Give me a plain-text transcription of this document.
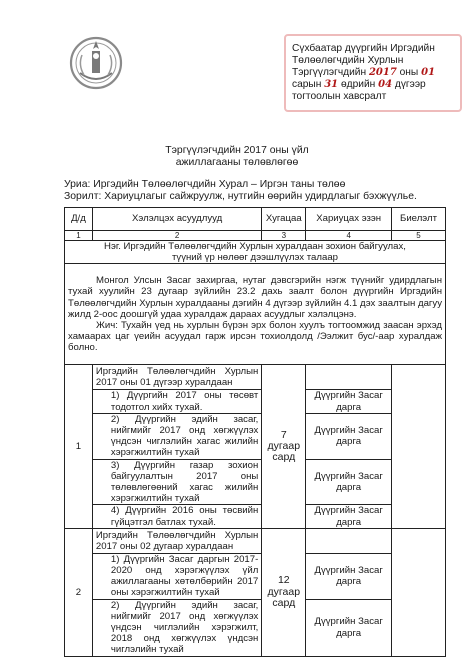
Сүхбаатар дүүргийн Иргэдийн
Төлөөлөгчдийн Хурлын
Тэргүүлэгчдийн 2017 оны 01
сарын 31 өдрийн 04 дүгээр
тогтоолын хавсралт
Тэргүүлэгчдийн 2017 оны үйл
ажиллагааны төлөвлөгөө
Уриа: Иргэдийн Төлөөлөгчдийн Хурал – Иргэн таны төлөө
Зорилт: Хариуцлагыг сайжруулж, нутгийн өөрийн удирдлагыг бэхжүүлье.
Д/д	Хэлэлцэх асуудлууд	Хугацаа	Хариуцах эзэн	Биелэлт
1	2	3	4	5

Нэг. Иргэдийн Төлөөлөгчдийн Хурлын хуралдаан зохион байгуулах,
түүний үр нөлөөг дээшлүүлэх талаар				

Монгол Улсын Засаг захиргаа, нутаг дэвсгэрийн нэгж түүнийг удирдлагын тухай хуулийн 23 дугаар зүйлийн 23.2 дахь заалт болон дүүргийн Иргэдийн Төлөөлөгчдийн Хурлын хуралдааны дэгийн 4 дүгээр зүйлийн 4.1 дэх заалтын дагуу жилд 2-оос доошгүй удаа хуралдаж дараах асуудлыг хэлэлцэнэ.

Жич: Тухайн үед нь хурлын бүрэн эрх болон хуулъ тогтоомжид заасан эрхэд хамаарах цаг үеийн асуудал гарж ирсэн тохиолдолд /Ээлжит бус/-аар хуралдаж болно.				

1	Иргэдийн Төлөөлөгчдийн Хурлын 2017 оны 01 дүгээр хуралдаан	7 дугаар сард		

	1) Дүүргийн 2017 оны төсөвт тодотгол хийх тухай.		Дүүргийн Засаг дарга	
	2) Дүүргийн эдийн засаг, нийгмийг 2017 онд хөгжүүлэх үндсэн чиглэлийн хагас жилийн хэрэгжилтийн тухай		Дүүргийн Засаг дарга	
	3) Дүүргийн газар зохион байгуулалтын 2017 оны төлөвлөгөөний хагас жилийн хэрэгжилтийн тухай		Дүүргийн Засаг дарга	
	4) Дүүргийн 2016 оны төсвийн гүйцэтгэл батлах тухай.		Дүүргийн Засаг дарга	
2	Иргэдийн Төлөөлөгчдийн Хурлын 2017 оны 02 дугаар хуралдаан	12 дугаар сард		

	1) Дүүргийн Засаг даргын 2017-2020 онд хэрэгжүүлэх үйл ажиллагааны хөтөлбөрийн 2017 оны хэрэгжилтийн тухай		Дүүргийн Засаг дарга	
	2) Дүүргийн эдийн засаг, нийгмийг 2017 онд хөгжүүлэх үндсэн чиглэлийн хэрэгжилт, 2018 онд хөгжүүлэх үндсэн чиглэлийн тухай		Дүүргийн Засаг дарга	
